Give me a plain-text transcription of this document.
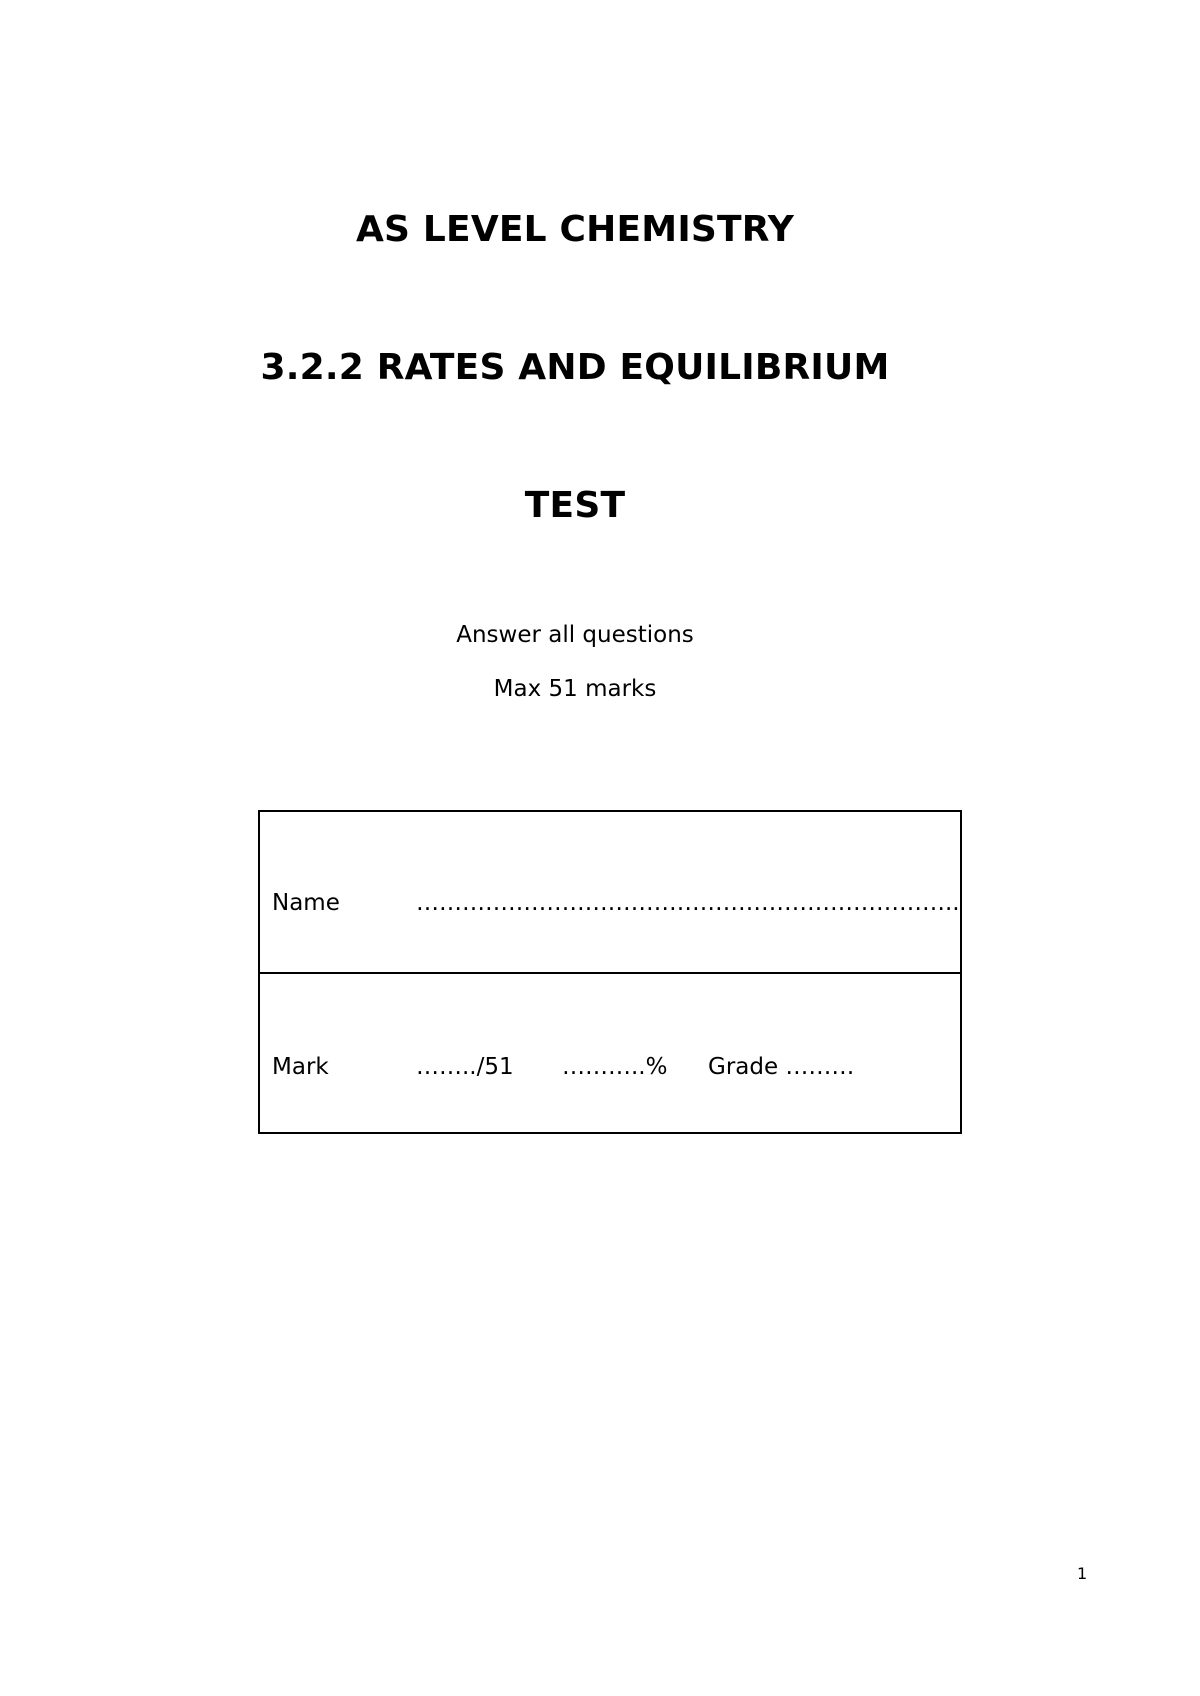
AS LEVEL CHEMISTRY
3.2.2 RATES AND EQUILIBRIUM
TEST

Answer all questions

Max 51 marks

Name	……………………………………………………………..
Mark	……../51 ………..% Grade ………
1
